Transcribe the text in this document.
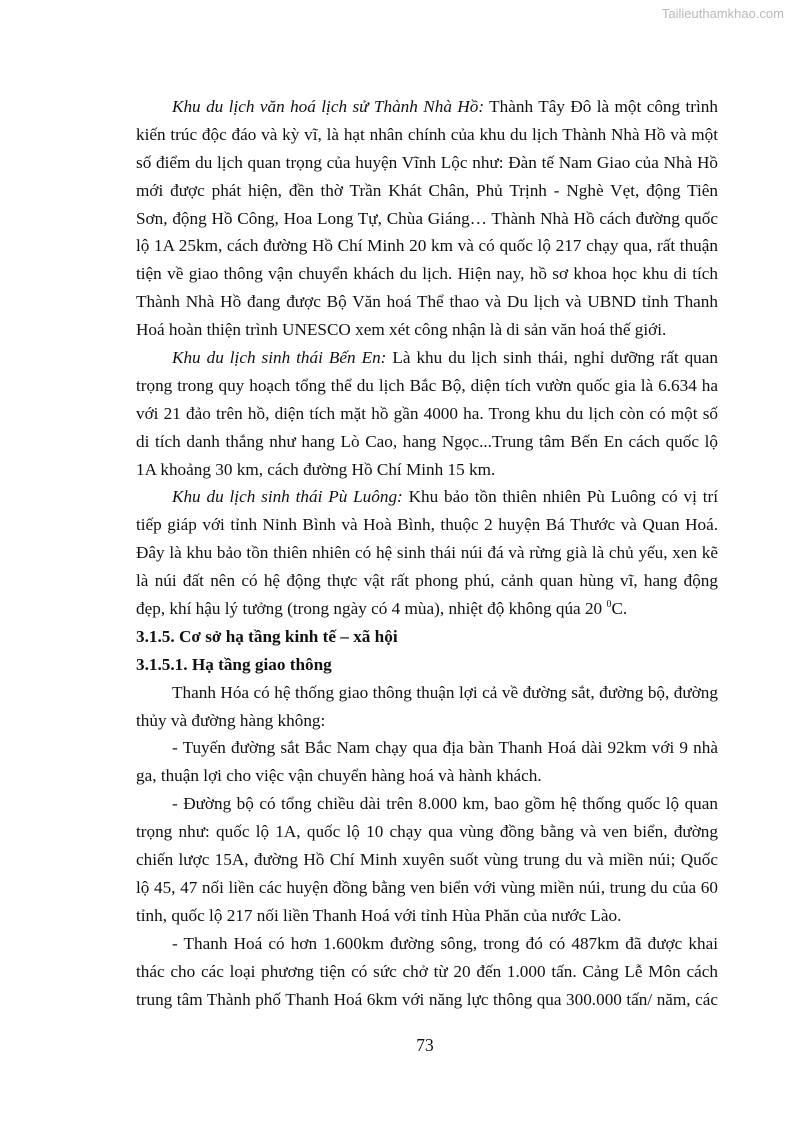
Tailieuthamkhao.com
Khu du lịch văn hoá lịch sử Thành Nhà Hồ: Thành Tây Đô là một công trình
kiến trúc độc đáo và kỳ vĩ, là hạt nhân chính của khu du lịch Thành Nhà Hồ và một
số điểm du lịch quan trọng của huyện Vĩnh Lộc như: Đàn tế Nam Giao của Nhà Hồ
mới được phát hiện, đền thờ Trần Khát Chân, Phủ Trịnh - Nghè Vẹt, động Tiên
Sơn, động Hồ Công, Hoa Long Tự, Chùa Giáng… Thành Nhà Hồ cách đường quốc
lộ 1A 25km, cách đường Hồ Chí Minh 20 km và có quốc lộ 217 chạy qua, rất thuận
tiện về giao thông vận chuyển khách du lịch. Hiện nay, hồ sơ khoa học khu di tích
Thành Nhà Hồ đang được Bộ Văn hoá Thể thao và Du lịch và UBND tỉnh Thanh
Hoá hoàn thiện trình UNESCO xem xét công nhận là di sản văn hoá thế giới.
Khu du lịch sinh thái Bến En: Là khu du lịch sinh thái, nghỉ dưỡng rất quan
trọng trong quy hoạch tổng thể du lịch Bắc Bộ, diện tích vườn quốc gia là 6.634 ha
với 21 đảo trên hồ, diện tích mặt hồ gần 4000 ha. Trong khu du lịch còn có một số
di tích danh thắng như hang Lò Cao, hang Ngọc...Trung tâm Bến En cách quốc lộ
1A khoảng 30 km, cách đường Hồ Chí Minh 15 km.
Khu du lịch sinh thái Pù Luông: Khu bảo tồn thiên nhiên Pù Luông có vị trí
tiếp giáp với tỉnh Ninh Bình và Hoà Bình, thuộc 2 huyện Bá Thước và Quan Hoá.
Đây là khu bảo tồn thiên nhiên có hệ sinh thái núi đá và rừng già là chủ yếu, xen kẽ
là núi đất nên có hệ động thực vật rất phong phú, cảnh quan hùng vĩ, hang động
đẹp, khí hậu lý tưởng (trong ngày có 4 mùa), nhiệt độ không qúa 20 $^0$C.
3.1.5. Cơ sở hạ tầng kinh tế – xã hội
3.1.5.1. Hạ tầng giao thông
Thanh Hóa có hệ thống giao thông thuận lợi cả về đường sắt, đường bộ, đường
thủy và đường hàng không:
- Tuyến đường sắt Bắc Nam chạy qua địa bàn Thanh Hoá dài 92km với 9 nhà
ga, thuận lợi cho việc vận chuyển hàng hoá và hành khách.
- Đường bộ có tổng chiều dài trên 8.000 km, bao gồm hệ thống quốc lộ quan
trọng như: quốc lộ 1A, quốc lộ 10 chạy qua vùng đồng bằng và ven biển, đường
chiến lược 15A, đường Hồ Chí Minh xuyên suốt vùng trung du và miền núi; Quốc
lộ 45, 47 nối liền các huyện đồng bằng ven biển với vùng miền núi, trung du của 60
tỉnh, quốc lộ 217 nối liền Thanh Hoá với tỉnh Hùa Phăn của nước Lào.
- Thanh Hoá có hơn 1.600km đường sông, trong đó có 487km đã được khai
thác cho các loại phương tiện có sức chở từ 20 đến 1.000 tấn. Cảng Lễ Môn cách
trung tâm Thành phố Thanh Hoá 6km với năng lực thông qua 300.000 tấn/ năm, các
73
